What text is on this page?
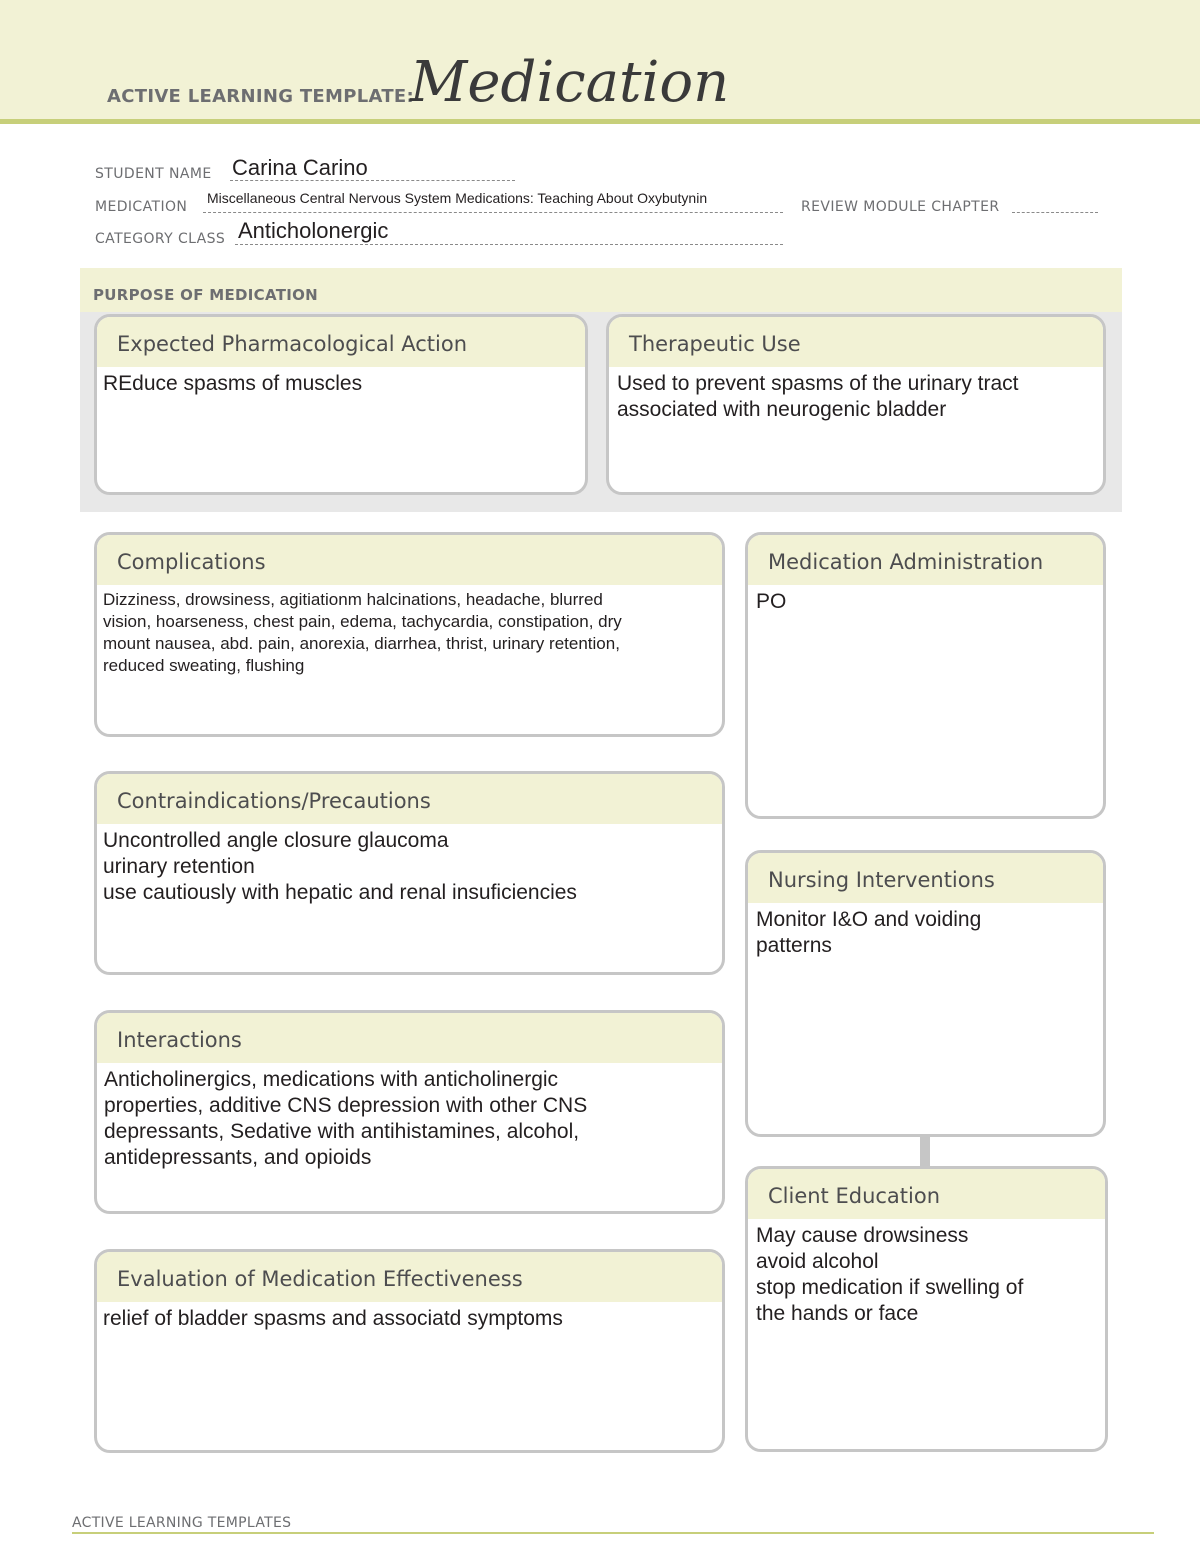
ACTIVE LEARNING TEMPLATE:
Medication
STUDENT NAME Carina Carino
MEDICATION
Miscellaneous Central Nervous System Medications: Teaching About Oxybutynin
REVIEW MODULE CHAPTER
CATEGORY CLASS Anticholonergic
PURPOSE OF MEDICATION
Expected Pharmacological Action
REduce spasms of muscles
Therapeutic Use
Used to prevent spasms of the urinary tract
associated with neurogenic bladder
Complications
Dizziness, drowsiness, agitiationm halcinations, headache, blurred
vision, hoarseness, chest pain, edema, tachycardia, constipation, dry
mount nausea, abd. pain, anorexia, diarrhea, thrist, urinary retention,
reduced sweating, flushing
Medication Administration
PO
Contraindications/Precautions
Uncontrolled angle closure glaucoma
urinary retention
use cautiously with hepatic and renal insuficiencies
Nursing Interventions
Monitor I&O and voiding
patterns
Interactions
Anticholinergics, medications with anticholinergic
properties, additive CNS depression with other CNS
depressants, Sedative with antihistamines, alcohol,
antidepressants, and opioids
Client Education
May cause drowsiness
avoid alcohol
stop medication if swelling of
the hands or face
Evaluation of Medication Effectiveness
relief of bladder spasms and associatd symptoms
ACTIVE LEARNING TEMPLATES
